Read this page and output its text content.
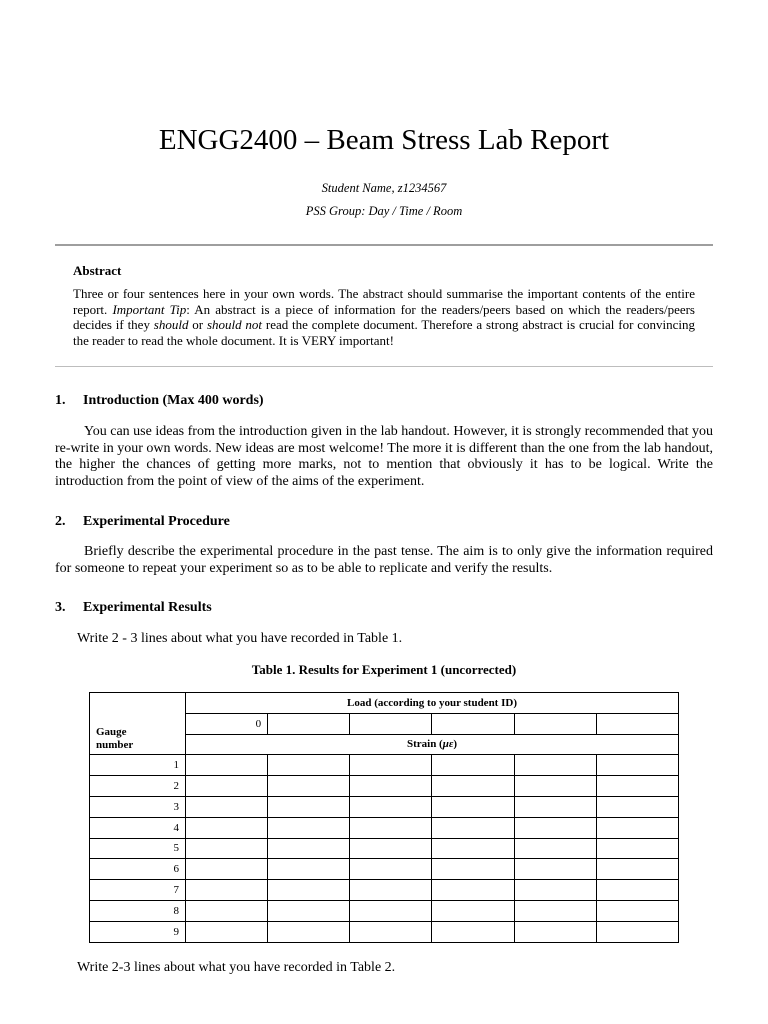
ENGG2400 – Beam Stress Lab Report
Student Name, z1234567
PSS Group: Day / Time / Room
Abstract

Three or four sentences here in your own words. The abstract should summarise the important contents of the entire report. Important Tip: An abstract is a piece of information for the readers/peers based on which the readers/peers decides if they should or should not read the complete document. Therefore a strong abstract is crucial for convincing the reader to read the whole document. It is VERY important!

1. Introduction (Max 400 words)

You can use ideas from the introduction given in the lab handout. However, it is strongly recommended that you re-write in your own words. New ideas are most welcome! The more it is different than the one from the lab handout, the higher the chances of getting more marks, not to mention that obviously it has to be logical. Write the introduction from the point of view of the aims of the experiment.

2. Experimental Procedure

Briefly describe the experimental procedure in the past tense. The aim is to only give the information required for someone to repeat your experiment so as to be able to replicate and verify the results.

3. Experimental Results
Write 2 - 3 lines about what you have recorded in Table 1.
Table 1. Results for Experiment 1 (uncorrected)
Gauge number	Load (according to your student ID)					
	0					
	Strain (με)					
1						
2						
3						
4						
5						
6						
7						
8						
9						
Write 2-3 lines about what you have recorded in Table 2.
